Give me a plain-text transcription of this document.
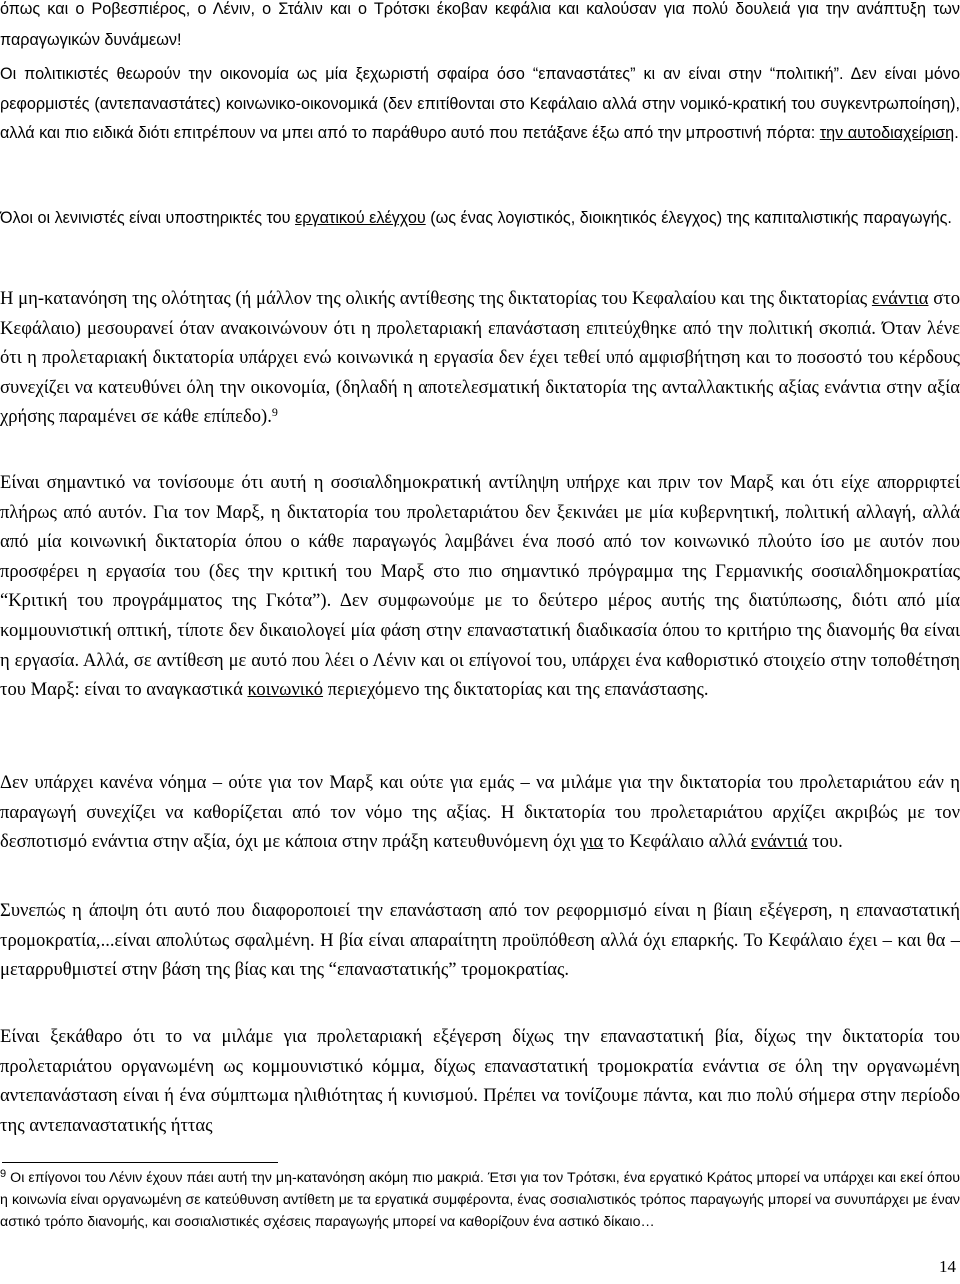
όπως και ο Ροβεσπιέρος, ο Λένιν, ο Στάλιν και ο Τρότσκι έκοβαν κεφάλια και καλούσαν για πολύ δουλειά για την ανάπτυξη των παραγωγικών δυνάμεων!

Οι πολιτικιστές θεωρούν την οικονομία ως μία ξεχωριστή σφαίρα όσο “επαναστάτες” κι αν είναι στην “πολιτική”. Δεν είναι μόνο ρεφορμιστές (αντεπαναστάτες) κοινωνικο-οικονομικά (δεν επιτίθονται στο Κεφάλαιο αλλά στην νομικό-κρατική του συγκεντρωποίηση), αλλά και πιο ειδικά διότι επιτρέπουν να μπει από το παράθυρο αυτό που πετάξανε έξω από την μπροστινή πόρτα: την αυτοδιαχείριση.

Όλοι οι λενινιστές είναι υποστηρικτές του εργατικού ελέγχου (ως ένας λογιστικός, διοικητικός έλεγχος) της καπιταλιστικής παραγωγής.

Η μη-κατανόηση της ολότητας (ή μάλλον της ολικής αντίθεσης της δικτατορίας του Κεφαλαίου και της δικτατορίας ενάντια στο Κεφάλαιο) μεσουρανεί όταν ανακοινώνουν ότι η προλεταριακή επανάσταση επιτεύχθηκε από την πολιτική σκοπιά. Όταν λένε ότι η προλεταριακή δικτατορία υπάρχει ενώ κοινωνικά η εργασία δεν έχει τεθεί υπό αμφισβήτηση και το ποσοστό του κέρδους συνεχίζει να κατευθύνει όλη την οικονομία, (δηλαδή η αποτελεσματική δικτατορία της ανταλλακτικής αξίας ενάντια στην αξία χρήσης παραμένει σε κάθε επίπεδο).$^9$

Είναι σημαντικό να τονίσουμε ότι αυτή η σοσιαλδημοκρατική αντίληψη υπήρχε και πριν τον Μαρξ και ότι είχε απορριφτεί πλήρως από αυτόν. Για τον Μαρξ, η δικτατορία του προλεταριάτου δεν ξεκινάει με μία κυβερνητική, πολιτική αλλαγή, αλλά από μία κοινωνική δικτατορία όπου ο κάθε παραγωγός λαμβάνει ένα ποσό από τον κοινωνικό πλούτο ίσο με αυτόν που προσφέρει η εργασία του (δες την κριτική του Μαρξ στο πιο σημαντικό πρόγραμμα της Γερμανικής σοσιαλδημοκρατίας “Κριτική του προγράμματος της Γκότα”). Δεν συμφωνούμε με το δεύτερο μέρος αυτής της διατύπωσης, διότι από μία κομμουνιστική οπτική, τίποτε δεν δικαιολογεί μία φάση στην επαναστατική διαδικασία όπου το κριτήριο της διανομής θα είναι η εργασία. Αλλά, σε αντίθεση με αυτό που λέει ο Λένιν και οι επίγονοί του, υπάρχει ένα καθοριστικό στοιχείο στην τοποθέτηση του Μαρξ: είναι το αναγκαστικά κοινωνικό περιεχόμενο της δικτατορίας και της επανάστασης.

Δεν υπάρχει κανένα νόημα – ούτε για τον Μαρξ και ούτε για εμάς – να μιλάμε για την δικτατορία του προλεταριάτου εάν η παραγωγή συνεχίζει να καθορίζεται από τον νόμο της αξίας. Η δικτατορία του προλεταριάτου αρχίζει ακριβώς με τον δεσποτισμό ενάντια στην αξία, όχι με κάποια στην πράξη κατευθυνόμενη όχι για το Κεφάλαιο αλλά ενάντιά του.

Συνεπώς η άποψη ότι αυτό που διαφοροποιεί την επανάσταση από τον ρεφορμισμό είναι η βίαιη εξέγερση, η επαναστατική τρομοκρατία,...είναι απολύτως σφαλμένη. Η βία είναι απαραίτητη προϋπόθεση αλλά όχι επαρκής. Το Κεφάλαιο έχει – και θα – μεταρρυθμιστεί στην βάση της βίας και της “επαναστατικής” τρομοκρατίας.

Είναι ξεκάθαρο ότι το να μιλάμε για προλεταριακή εξέγερση δίχως την επαναστατική βία, δίχως την δικτατορία του προλεταριάτου οργανωμένη ως κομμουνιστικό κόμμα, δίχως επαναστατική τρομοκρατία ενάντια σε όλη την οργανωμένη αντεπανάσταση είναι ή ένα σύμπτωμα ηλιθιότητας ή κυνισμού. Πρέπει να τονίζουμε πάντα, και πιο πολύ σήμερα στην περίοδο της αντεπαναστατικής ήττας

$^9$ Οι επίγονοι του Λένιν έχουν πάει αυτή την μη-κατανόηση ακόμη πιο μακριά. Έτσι για τον Τρότσκι, ένα εργατικό Κράτος μπορεί να υπάρχει και εκεί όπου η κοινωνία είναι οργανωμένη σε κατεύθυνση αντίθετη με τα εργατικά συμφέροντα, ένας σοσιαλιστικός τρόπος παραγωγής μπορεί να συνυπάρχει με έναν αστικό τρόπο διανομής, και σοσιαλιστικές σχέσεις παραγωγής μπορεί να καθορίζουν ένα αστικό δίκαιο…

14
